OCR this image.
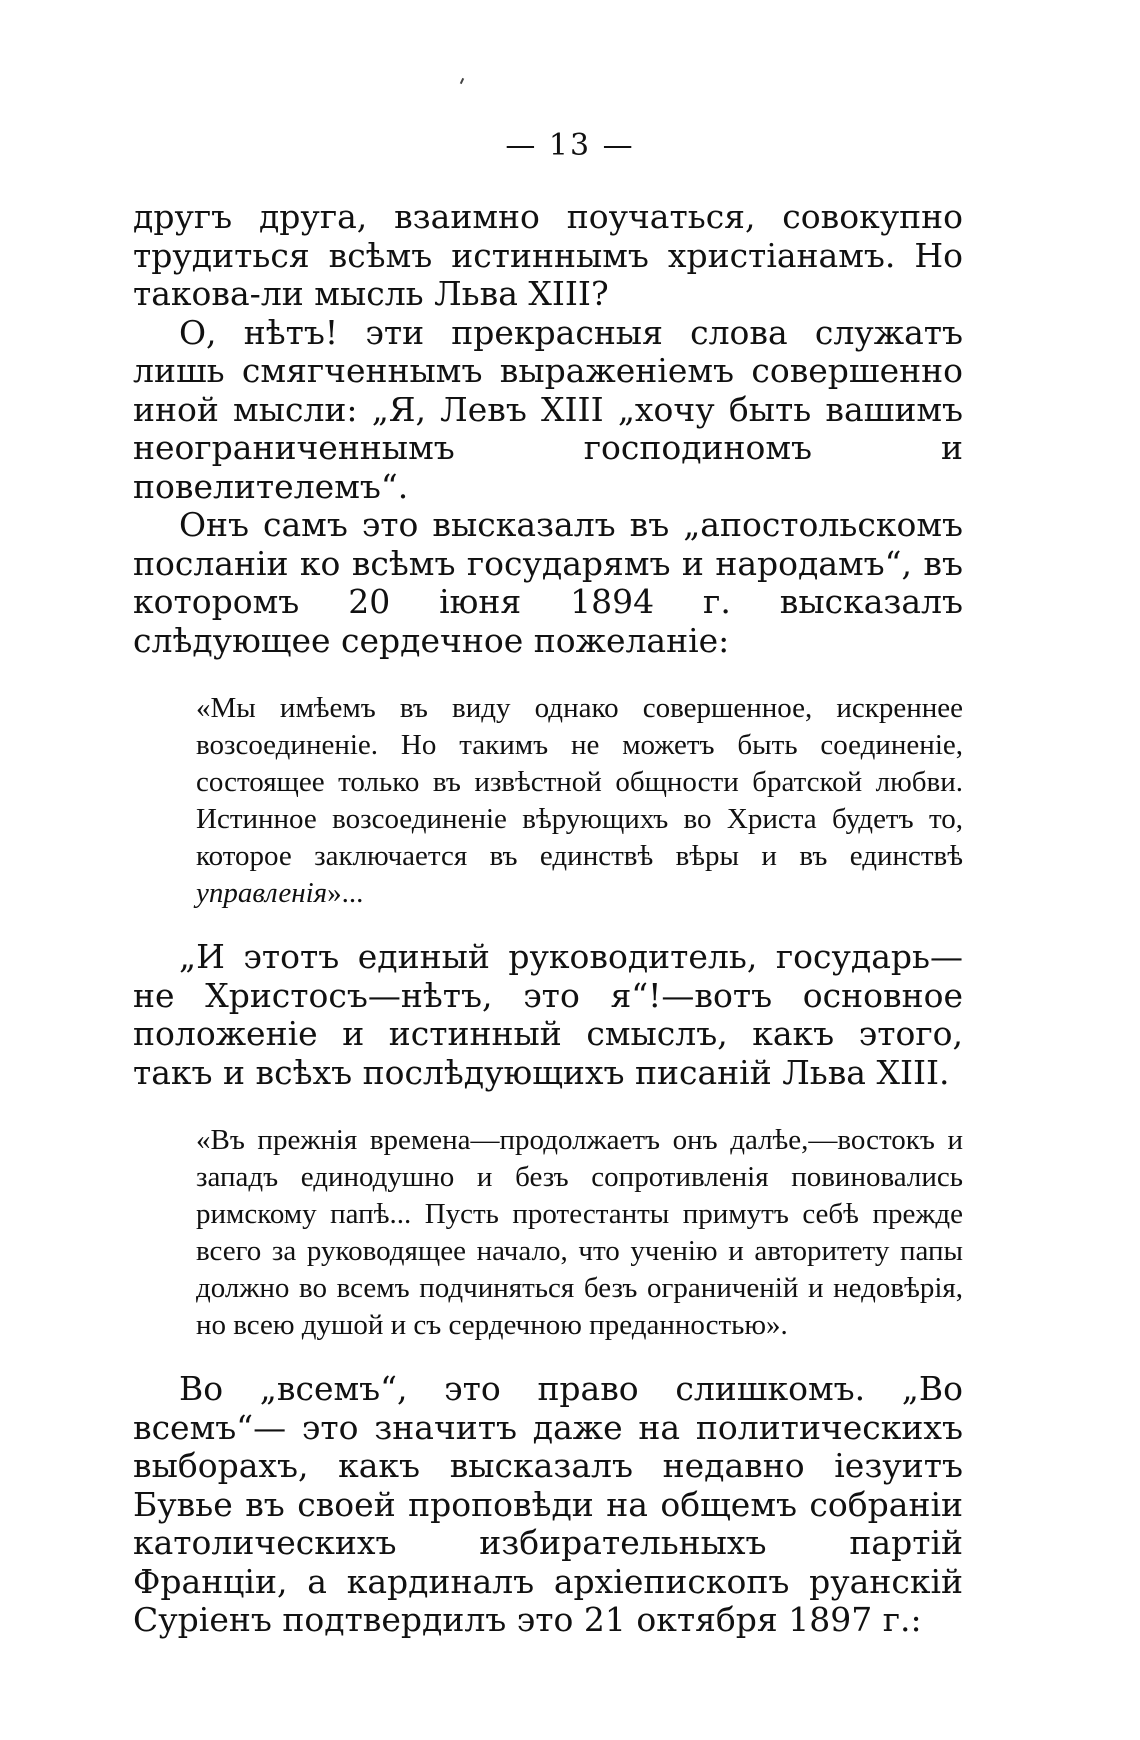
— 13 —

другъ друга, взаимно поучаться, совокупно трудиться всѣмъ истиннымъ христіанамъ. Но такова-ли мысль Льва XIII?

О, нѣтъ! эти прекрасныя слова служатъ лишь смягченнымъ выраженіемъ совершенно иной мысли: „Я, Левъ XIII „хочу быть вашимъ неограниченнымъ господиномъ и повелителемъ“.

Онъ самъ это высказалъ въ „апостольскомъ посланіи ко всѣмъ государямъ и народамъ“, въ которомъ 20 іюня 1894 г. высказалъ слѣдующее сердечное пожеланіе:

«Мы имѣемъ въ виду однако совершенное, искреннее возсоединеніе. Но такимъ не можетъ быть соединеніе, состоящее только въ извѣстной общности братской любви. Истинное возсоединеніе вѣрующихъ во Христа будетъ то, которое заключается въ единствѣ вѣры и въ единствѣ управленія»...

„И этотъ единый руководитель, государь—не Христосъ—нѣтъ, это я“!—вотъ основное положеніе и истинный смыслъ, какъ этого, такъ и всѣхъ послѣдующихъ писаній Льва XIII.

«Въ прежнія времена—продолжаетъ онъ далѣе,—востокъ и западъ единодушно и безъ сопротивленія повиновались римскому папѣ... Пусть протестанты примутъ себѣ прежде всего за руководящее начало, что ученію и авторитету папы должно во всемъ подчиняться безъ ограниченій и недовѣрія, но всею душой и съ сердечною преданностью».

Во „всемъ“, это право слишкомъ. „Во всемъ“— это значитъ даже на политическихъ выборахъ, какъ высказалъ недавно іезуитъ Бувье въ своей проповѣди на общемъ собраніи католическихъ избирательныхъ партій Франціи, а кардиналъ архіепископъ руанскій Суріенъ подтвердилъ это 21 октября 1897 г.:
